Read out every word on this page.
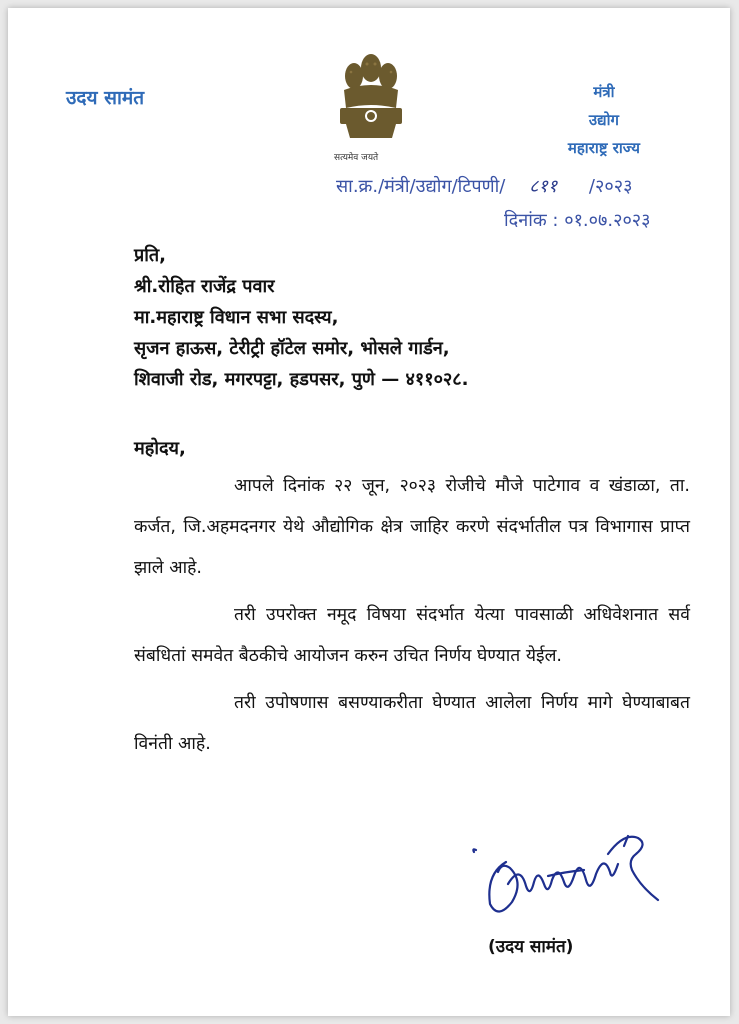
उदय सामंत
सत्यमेव जयते
मंत्री
उद्योग
महाराष्ट्र राज्य
सा.क्र./मंत्री/उद्योग/टिपणी/ ८११ /२०२३
दिनांक : ०१.०७.२०२३
प्रति,
श्री.रोहित राजेंद्र पवार
मा.महाराष्ट्र विधान सभा सदस्य,
सृजन हाऊस, टेरीट्री हॉटेल समोर, भोसले गार्डन,
शिवाजी रोड, मगरपट्टा, हडपसर, पुणे — ४११०२८.
महोदय,

आपले दिनांक २२ जून, २०२३ रोजीचे मौजे पाटेगाव व खंडाळा, ता. कर्जत, जि.अहमदनगर येथे औद्योगिक क्षेत्र जाहिर करणे संदर्भातील पत्र विभागास प्राप्त झाले आहे.

तरी उपरोक्त नमूद विषया संदर्भात येत्या पावसाळी अधिवेशनात सर्व संबधितां समवेत बैठकीचे आयोजन करुन उचित निर्णय घेण्यात येईल.

तरी उपोषणास बसण्याकरीता घेण्यात आलेला निर्णय मागे घेण्याबाबत विनंती आहे.

(उदय सामंत)
